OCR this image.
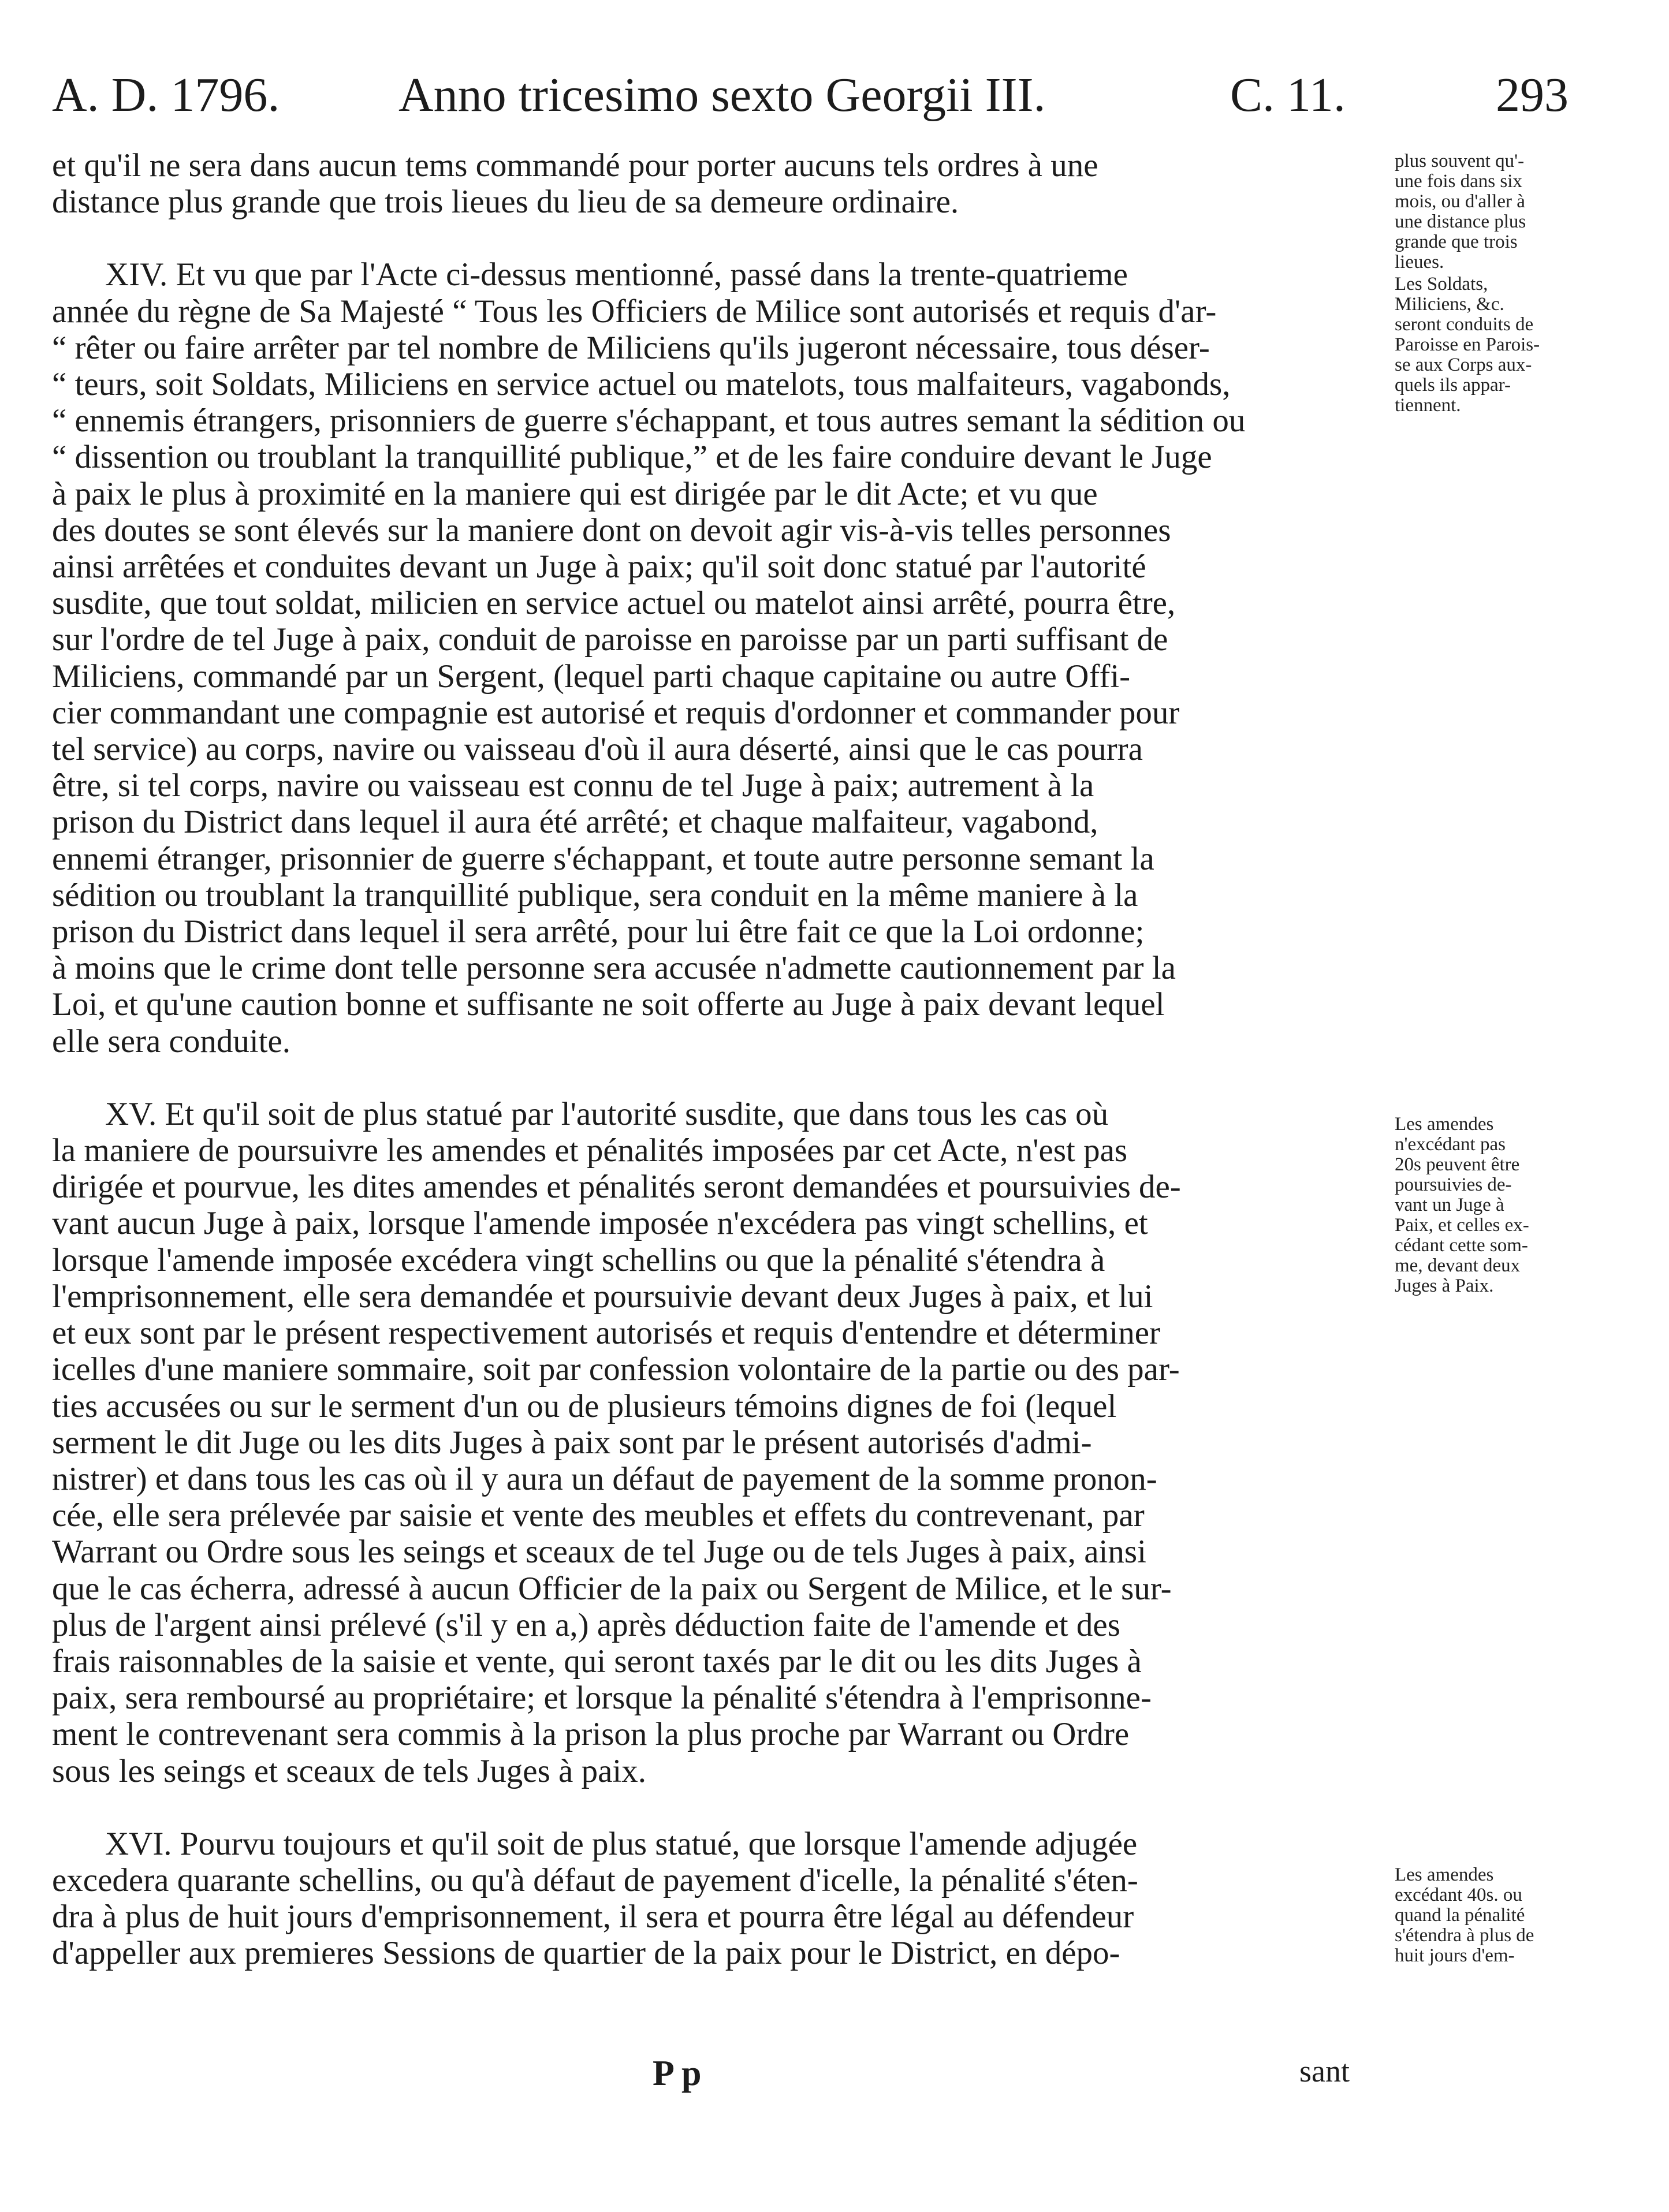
A. D. 1796. Anno tricesimo sexto Georgii III.	C. 11.	293

et qu'il ne sera dans aucun tems commandé pour porter aucuns tels ordres à une
distance plus grande que trois lieues du lieu de sa demeure ordinaire.

XIV. Et vu que par l'Acte ci-dessus mentionné, passé dans la trente-quatrieme
année du règne de Sa Majesté “ Tous les Officiers de Milice sont autorisés et requis d'ar-
“ rêter ou faire arrêter par tel nombre de Miliciens qu'ils jugeront nécessaire, tous déser-
“ teurs, soit Soldats, Miliciens en service actuel ou matelots, tous malfaiteurs, vagabonds,
“ ennemis étrangers, prisonniers de guerre s'échappant, et tous autres semant la sédition ou
“ dissention ou troublant la tranquillité publique,” et de les faire conduire devant le Juge
à paix le plus à proximité en la maniere qui est dirigée par le dit Acte; et vu que
des doutes se sont élevés sur la maniere dont on devoit agir vis-à-vis telles personnes
ainsi arrêtées et conduites devant un Juge à paix; qu'il soit donc statué par l'autorité
susdite, que tout soldat, milicien en service actuel ou matelot ainsi arrêté, pourra être,
sur l'ordre de tel Juge à paix, conduit de paroisse en paroisse par un parti suffisant de
Miliciens, commandé par un Sergent, (lequel parti chaque capitaine ou autre Offi-
cier commandant une compagnie est autorisé et requis d'ordonner et commander pour
tel service) au corps, navire ou vaisseau d'où il aura déserté, ainsi que le cas pourra
être, si tel corps, navire ou vaisseau est connu de tel Juge à paix; autrement à la
prison du District dans lequel il aura été arrêté; et chaque malfaiteur, vagabond,
ennemi étranger, prisonnier de guerre s'échappant, et toute autre personne semant la
sédition ou troublant la tranquillité publique, sera conduit en la même maniere à la
prison du District dans lequel il sera arrêté, pour lui être fait ce que la Loi ordonne;
à moins que le crime dont telle personne sera accusée n'admette cautionnement par la
Loi, et qu'une caution bonne et suffisante ne soit offerte au Juge à paix devant lequel
elle sera conduite.

XV. Et qu'il soit de plus statué par l'autorité susdite, que dans tous les cas où
la maniere de poursuivre les amendes et pénalités imposées par cet Acte, n'est pas
dirigée et pourvue, les dites amendes et pénalités seront demandées et poursuivies de-
vant aucun Juge à paix, lorsque l'amende imposée n'excédera pas vingt schellins, et
lorsque l'amende imposée excédera vingt schellins ou que la pénalité s'étendra à
l'emprisonnement, elle sera demandée et poursuivie devant deux Juges à paix, et lui
et eux sont par le présent respectivement autorisés et requis d'entendre et déterminer
icelles d'une maniere sommaire, soit par confession volontaire de la partie ou des par-
ties accusées ou sur le serment d'un ou de plusieurs témoins dignes de foi (lequel
serment le dit Juge ou les dits Juges à paix sont par le présent autorisés d'admi-
nistrer) et dans tous les cas où il y aura un défaut de payement de la somme pronon-
cée, elle sera prélevée par saisie et vente des meubles et effets du contrevenant, par
Warrant ou Ordre sous les seings et sceaux de tel Juge ou de tels Juges à paix, ainsi
que le cas écherra, adressé à aucun Officier de la paix ou Sergent de Milice, et le sur-
plus de l'argent ainsi prélevé (s'il y en a,) après déduction faite de l'amende et des
frais raisonnables de la saisie et vente, qui seront taxés par le dit ou les dits Juges à
paix, sera remboursé au propriétaire; et lorsque la pénalité s'étendra à l'emprisonne-
ment le contrevenant sera commis à la prison la plus proche par Warrant ou Ordre
sous les seings et sceaux de tels Juges à paix.

XVI. Pourvu toujours et qu'il soit de plus statué, que lorsque l'amende adjugée
excedera quarante schellins, ou qu'à défaut de payement d'icelle, la pénalité s'éten-
dra à plus de huit jours d'emprisonnement, il sera et pourra être légal au défendeur
d'appeller aux premieres Sessions de quartier de la paix pour le District, en dépo-

plus souvent qu'-
une fois dans six
mois, ou d'aller à
une distance plus
grande que trois
lieues.
Les Soldats,
Miliciens, &c.
seront conduits de
Paroisse en Parois-
se aux Corps aux-
quels ils appar-
tiennent.
Les amendes
n'excédant pas
20s peuvent être
poursuivies de-
vant un Juge à
Paix, et celles ex-
cédant cette som-
me, devant deux
Juges à Paix.
Les amendes
excédant 40s. ou
quand la pénalité
s'étendra à plus de
huit jours d'em-
P p	sant
